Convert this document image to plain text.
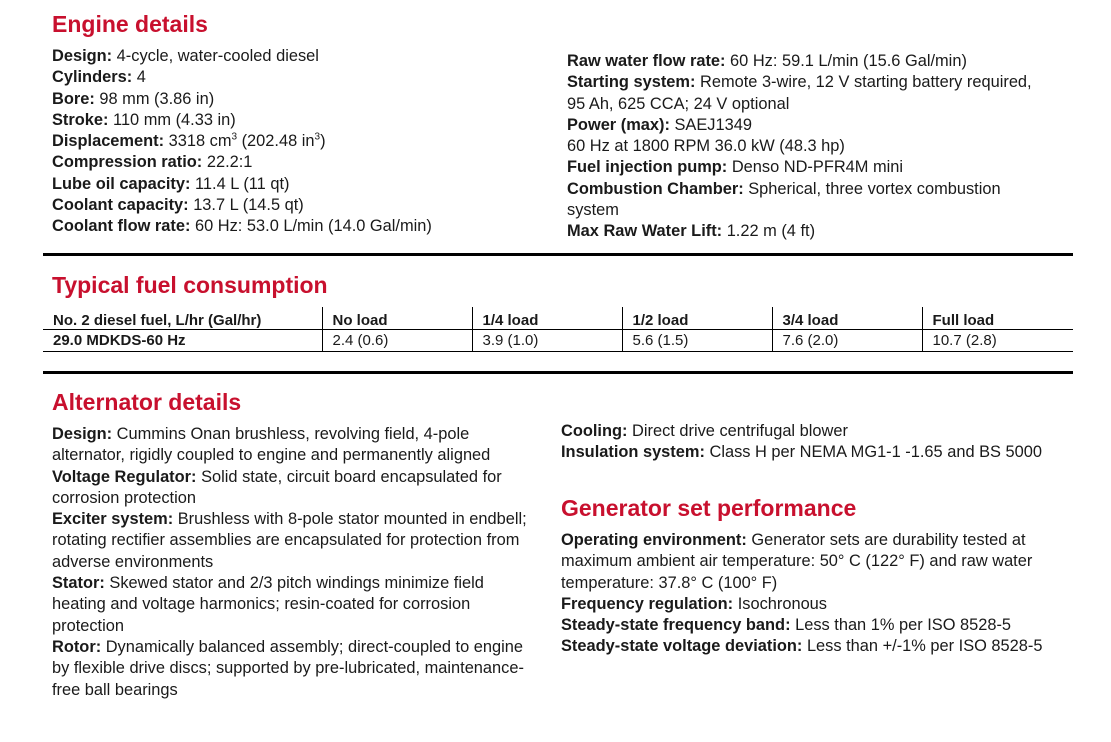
Engine details

Design: 4-cycle, water-cooled diesel

Cylinders: 4

Bore: 98 mm (3.86 in)

Stroke: 110 mm (4.33 in)

Displacement: 3318 $cm^3$ (202.48 $in^3$)

Compression ratio: 22.2:1

Lube oil capacity: 11.4 L (11 qt)

Coolant capacity: 13.7 L (14.5 qt)

Coolant flow rate: 60 Hz: 53.0 L/min (14.0 Gal/min)

Raw water flow rate: 60 Hz: 59.1 L/min (15.6 Gal/min)

Starting system: Remote 3-wire, 12 V starting battery required, 95 Ah, 625 CCA; 24 V optional

Power (max): SAEJ1349

60 Hz at 1800 RPM 36.0 kW (48.3 hp)

Fuel injection pump: Denso ND-PFR4M mini

Combustion Chamber: Spherical, three vortex combustion system

Max Raw Water Lift: 1.22 m (4 ft)

Typical fuel consumption
No. 2 diesel fuel, L/hr (Gal/hr)	No load	1/4 load	1/2 load	3/4 load	Full load
29.0 MDKDS-60 Hz	2.4 (0.6)	3.9 (1.0)	5.6 (1.5)	7.6 (2.0)	10.7 (2.8)
Alternator details

Design: Cummins Onan brushless, revolving field, 4-pole alternator, rigidly coupled to engine and permanently aligned

Voltage Regulator: Solid state, circuit board encapsulated for corrosion protection

Exciter system: Brushless with 8-pole stator mounted in endbell; rotating rectifier assemblies are encapsulated for protection from adverse environments

Stator: Skewed stator and 2/3 pitch windings minimize field heating and voltage harmonics; resin-coated for corrosion protection

Rotor: Dynamically balanced assembly; direct-coupled to engine by flexible drive discs; supported by pre-lubricated, maintenance-free ball bearings

Cooling: Direct drive centrifugal blower

Insulation system: Class H per NEMA MG1-1 -1.65 and BS 5000

Generator set performance

Operating environment: Generator sets are durability tested at maximum ambient air temperature: 50° C (122° F) and raw water temperature: 37.8° C (100° F)

Frequency regulation: Isochronous

Steady-state frequency band: Less than 1% per ISO 8528-5

Steady-state voltage deviation: Less than +/-1% per ISO 8528-5
